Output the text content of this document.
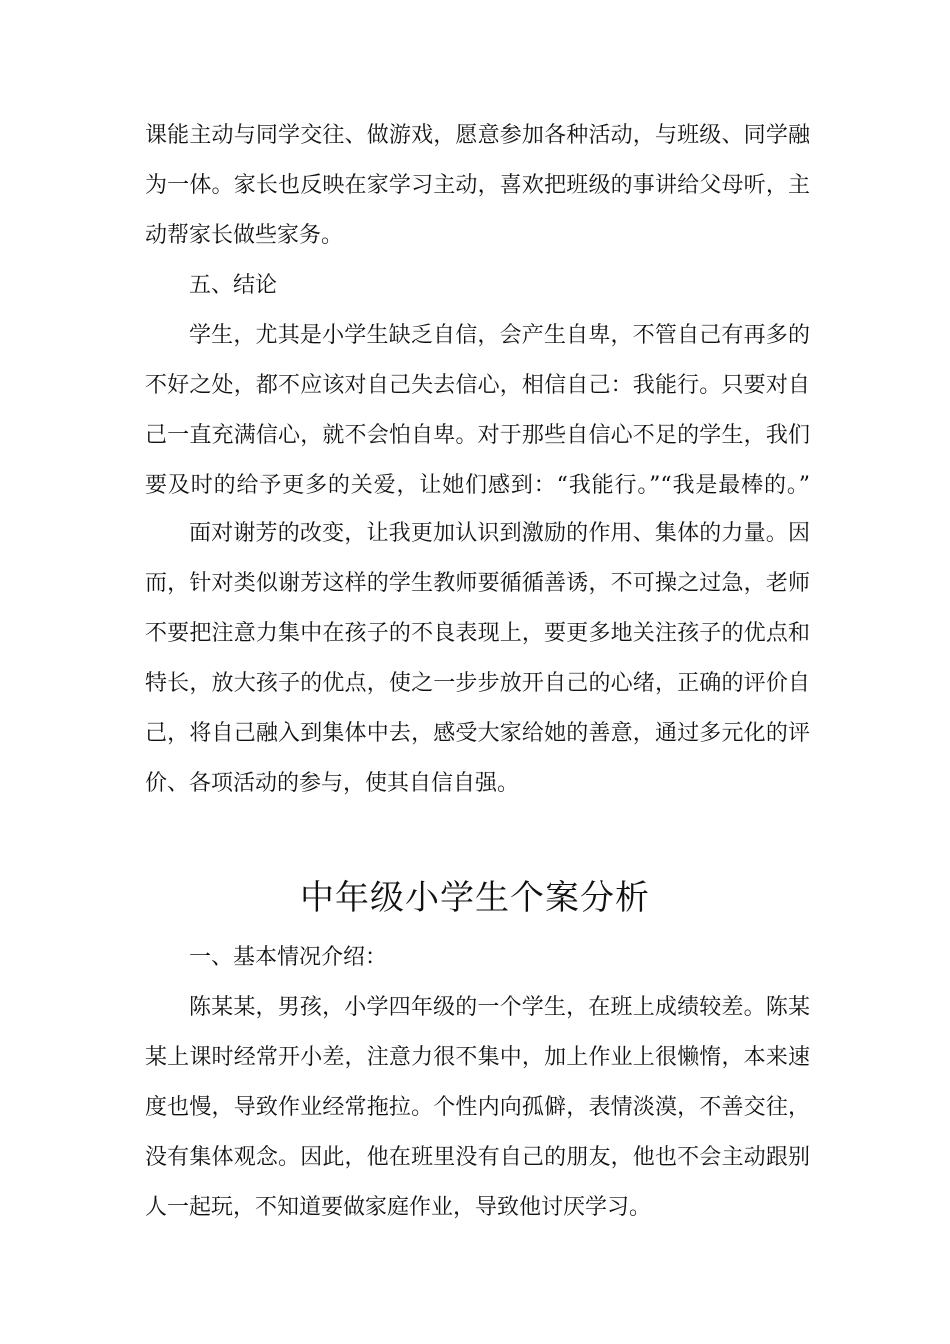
课能主动与同学交往、做游戏，愿意参加各种活动，与班级、同学融
为一体。家长也反映在家学习主动，喜欢把班级的事讲给父母听，主
动帮家长做些家务。
五、结论
学生，尤其是小学生缺乏自信，会产生自卑，不管自己有再多的
不好之处，都不应该对自己失去信心，相信自己：我能行。只要对自
己一直充满信心，就不会怕自卑。对于那些自信心不足的学生，我们
要及时的给予更多的关爱，让她们感到：“我能行。”“我是最棒的。”
面对谢芳的改变，让我更加认识到激励的作用、集体的力量。因
而，针对类似谢芳这样的学生教师要循循善诱，不可操之过急，老师
不要把注意力集中在孩子的不良表现上，要更多地关注孩子的优点和
特长，放大孩子的优点，使之一步步放开自己的心绪，正确的评价自
己，将自己融入到集体中去，感受大家给她的善意，通过多元化的评
价、各项活动的参与，使其自信自强。
中年级小学生个案分析
一、基本情况介绍：
陈某某，男孩，小学四年级的一个学生，在班上成绩较差。陈某
某上课时经常开小差，注意力很不集中，加上作业上很懒惰，本来速
度也慢，导致作业经常拖拉。个性内向孤僻，表情淡漠，不善交往，
没有集体观念。因此，他在班里没有自己的朋友，他也不会主动跟别
人一起玩，不知道要做家庭作业，导致他讨厌学习。
